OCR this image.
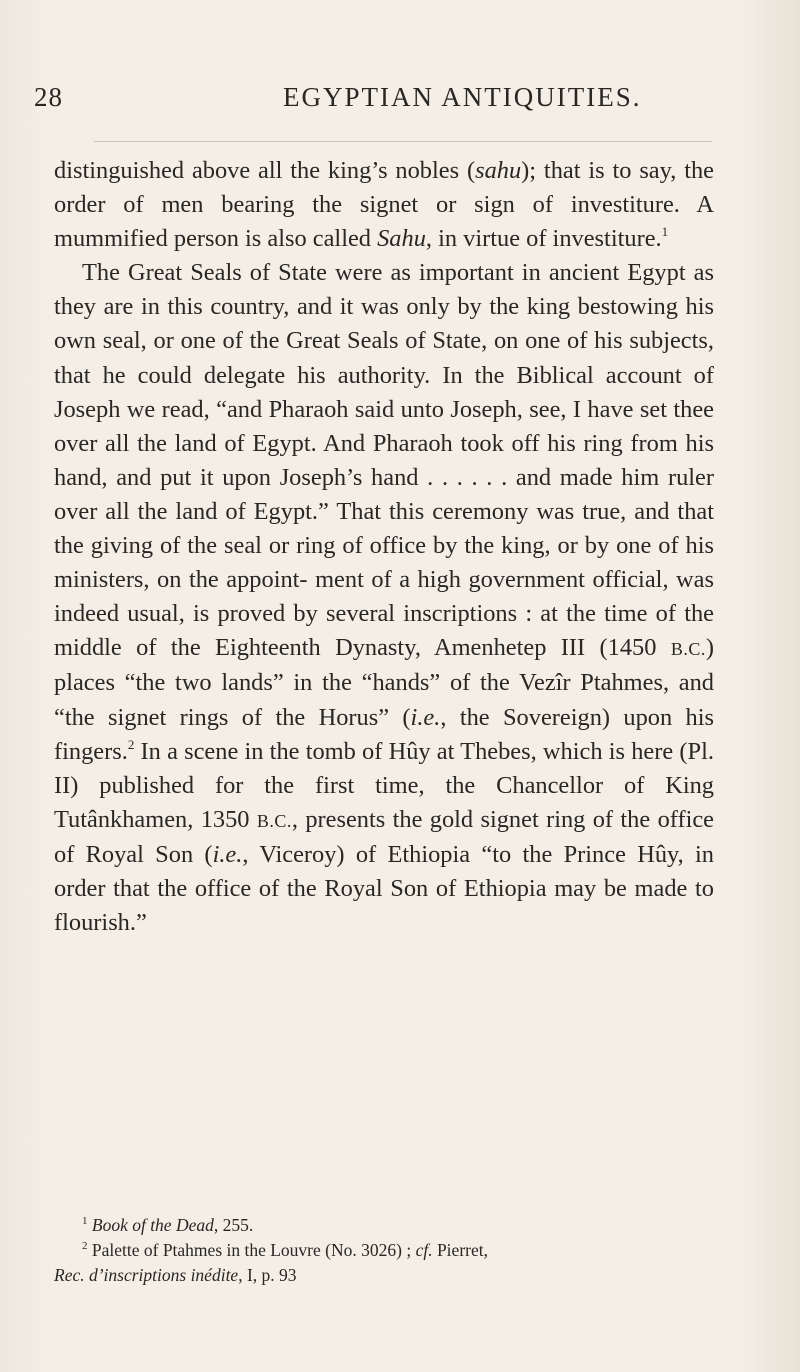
28	EGYPTIAN ANTIQUITIES.

distinguished above all the king’s nobles (sahu); that is to say, the order of men bearing the signet or sign of investiture. A mummified person is also called Sahu, in virtue of investiture.$^1$

The Great Seals of State were as important in ancient Egypt as they are in this country, and it was only by the king bestowing his own seal, or one of the Great Seals of State, on one of his subjects, that he could delegate his authority. In the Biblical account of Joseph we read, “and Pharaoh said unto Joseph, see, I have set thee over all the land of Egypt. And Pharaoh took off his ring from his hand, and put it upon Joseph’s hand . . . . . . and made him ruler over all the land of Egypt.” That this ceremony was true, and that the giving of the seal or ring of office by the king, or by one of his ministers, on the appoint- ment of a high government official, was indeed usual, is proved by several inscriptions : at the time of the middle of the Eighteenth Dynasty, Amenhetep III (1450 B.C.) places “the two lands” in the “hands” of the Vezîr Ptahmes, and “the signet rings of the Horus” (i.e., the Sovereign) upon his fingers.$^2$ In a scene in the tomb of Hûy at Thebes, which is here (Pl. II) published for the first time, the Chancellor of King Tutânkhamen, 1350 B.C., presents the gold signet ring of the office of Royal Son (i.e., Viceroy) of Ethiopia “to the Prince Hûy, in order that the office of the Royal Son of Ethiopia may be made to flourish.”

$^1$ Book of the Dead, 255.

$^2$ Palette of Ptahmes in the Louvre (No. 3026) ; cf. Pierret,

Rec. d’inscriptions inédite, I, p. 93
